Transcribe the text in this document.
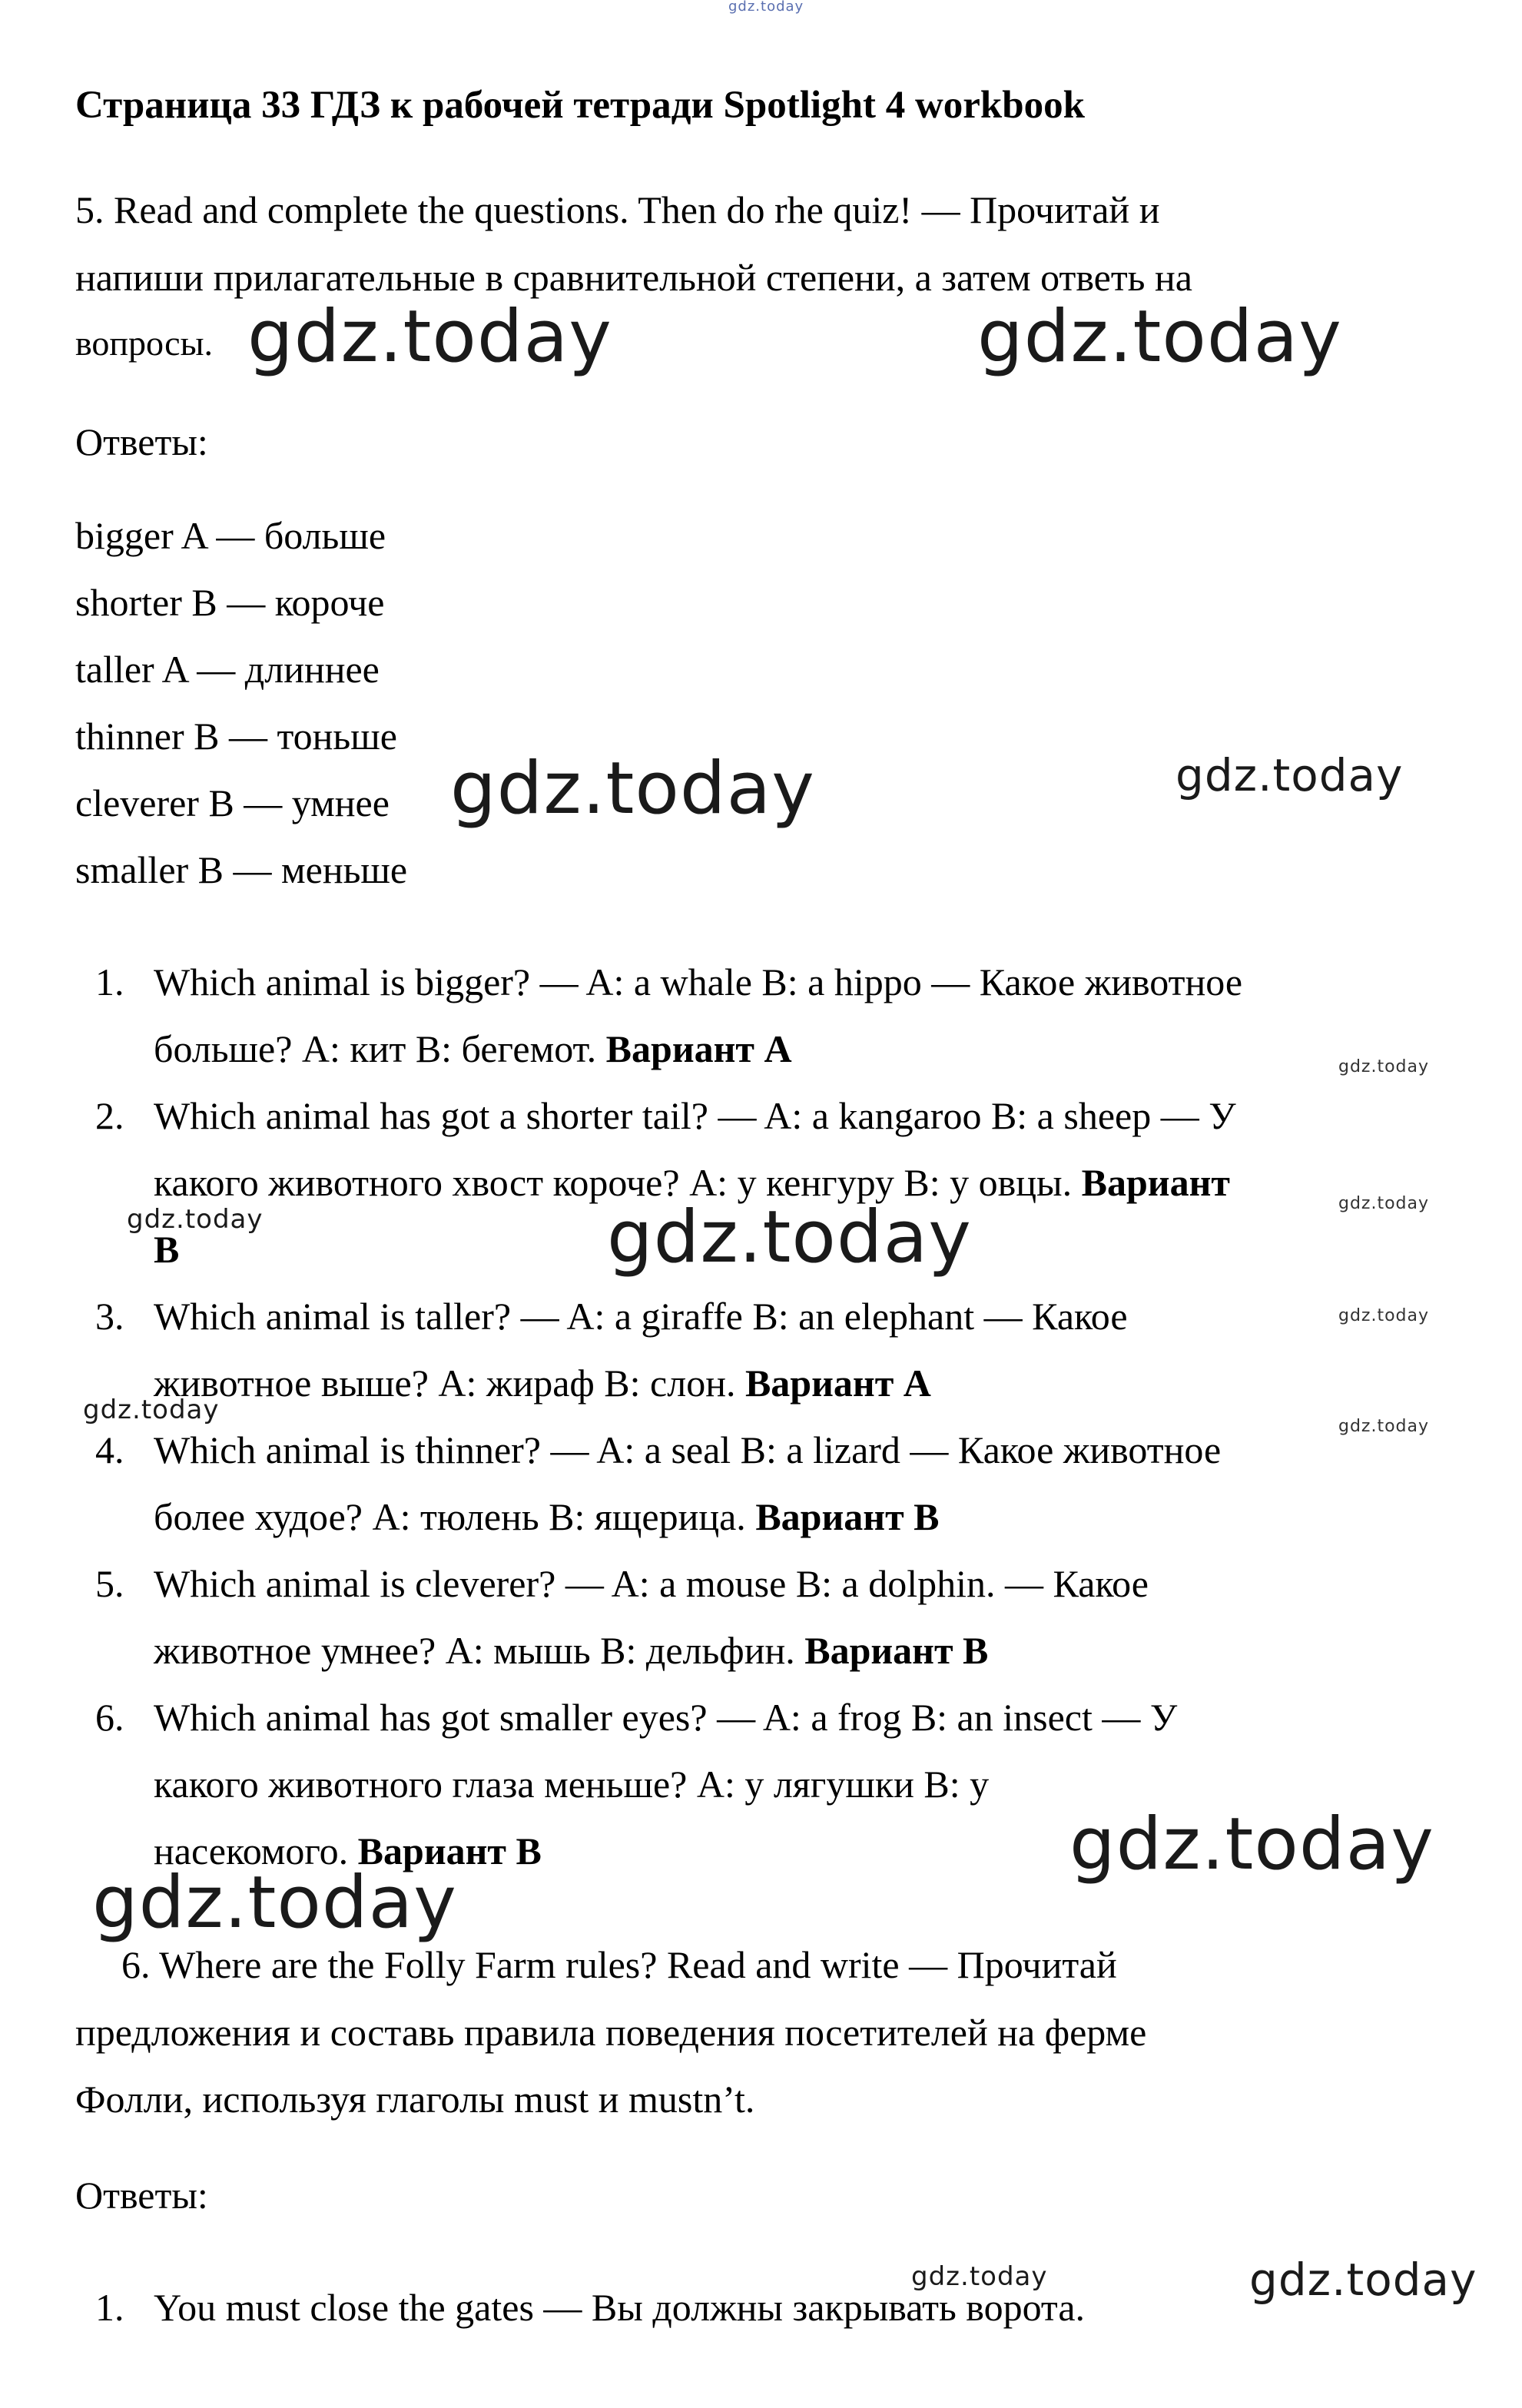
gdz.today
Страница 33 ГДЗ к рабочей тетради Spotlight 4 workbook
5. Read and complete the questions. Then do rhe quiz! — Прочитай и
напиши прилагательные в сравнительной степени, а затем ответь на
вопросы.
Ответы:
bigger A — больше
shorter B — короче
taller A — длиннее
thinner B — тоньше
cleverer B — умнее
smaller B — меньше
1. Which animal is bigger? — A: a whale B: a hippo — Какое животное
больше? A: кит B: бегемот. Вариант A
2. Which animal has got a shorter tail? — A: a kangaroo B: a sheep — У
какого животного хвост короче? A: у кенгуру B: у овцы. Вариант
B
3. Which animal is taller? — A: a giraffe B: an elephant — Какое
животное выше? A: жираф B: слон. Вариант A
4. Which animal is thinner? — A: a seal B: a lizard — Какое животное
более худое? A: тюлень B: ящерица. Вариант B
5. Which animal is cleverer? — A: a mouse B: a dolphin. — Какое
животное умнее? A: мышь B: дельфин. Вариант B
6. Which animal has got smaller eyes? — A: a frog B: an insect — У
какого животного глаза меньше? A: у лягушки B: у
насекомого. Вариант B
6. Where are the Folly Farm rules? Read and write — Прочитай
предложения и составь правила поведения посетителей на ферме
Фолли, используя глаголы must и mustn’t.
Ответы:
1. You must close the gates — Вы должны закрывать ворота.
gdz.today	gdz.today
gdz.today	gdz.today
gdz.today
gdz.today
gdz.today	gdz.today
gdz.today
gdz.today
gdz.today
gdz.today
gdz.today
gdz.today	gdz.today
